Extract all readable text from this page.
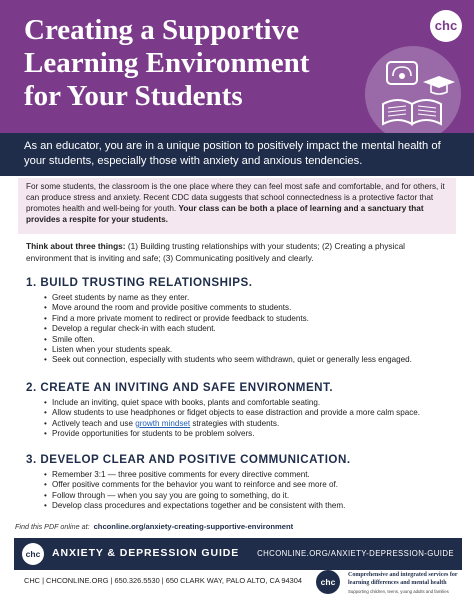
Creating a Supportive
Learning Environment
for Your Students
chc
As an educator, you are in a unique position to positively impact the mental health of your students, especially those with anxiety and anxious tendencies.
For some students, the classroom is the one place where they can feel most safe and comfortable, and for others, it can produce stress and anxiety. Recent CDC data suggests that school connectedness is a protective factor that promotes health and well-being for youth. Your class can be both a place of learning and a sanctuary that provides a respite for your students.
Think about three things: (1) Building trusting relationships with your students; (2) Creating a physical environment that is inviting and safe; (3) Communicating positively and clearly.
1. BUILD TRUSTING RELATIONSHIPS.
• Greet students by name as they enter.
• Move around the room and provide positive comments to students.
• Find a more private moment to redirect or provide feedback to students.
• Develop a regular check-in with each student.
• Smile often.
• Listen when your students speak.
• Seek out connection, especially with students who seem withdrawn, quiet or generally less engaged.
2. CREATE AN INVITING AND SAFE ENVIRONMENT.
• Include an inviting, quiet space with books, plants and comfortable seating.
• Allow students to use headphones or fidget objects to ease distraction and provide a more calm space.
• Actively teach and use growth mindset strategies with students.
• Provide opportunities for students to be problem solvers.
3. DEVELOP CLEAR AND POSITIVE COMMUNICATION.
• Remember 3:1 — three positive comments for every directive comment.
• Offer positive comments for the behavior you want to reinforce and see more of.
• Follow through — when you say you are going to something, do it.
• Develop class procedures and expectations together and be consistent with them.
Find this PDF online at: chconline.org/anxiety-creating-supportive-environment
chc	ANXIETY & DEPRESSION GUIDE CHCONLINE.ORG/ANXIETY-DEPRESSION-GUIDE
CHC | CHCONLINE.ORG | 650.326.5530 | 650 CLARK WAY, PALO ALTO, CA 94304	chc
Comprehensive and integrated services for learning differences and mental health
Supporting children, teens, young adults and families
